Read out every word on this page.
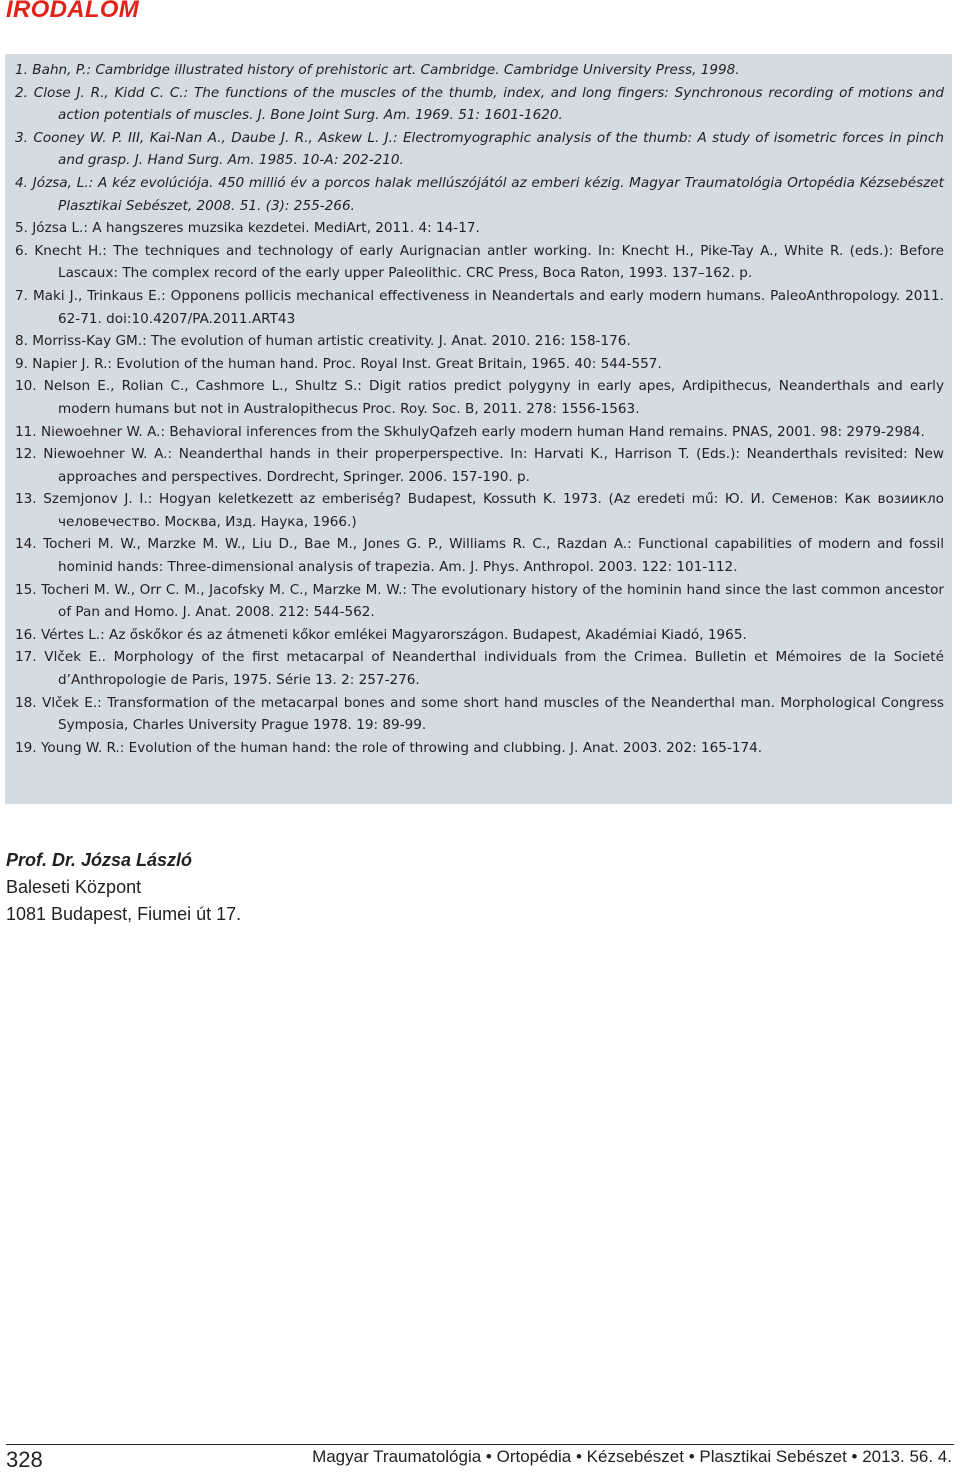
IRODALOM

1. Bahn, P.: Cambridge illustrated history of prehistoric art. Cambridge. Cambridge University Press, 1998.

2. Close J. R., Kidd C. C.: The functions of the muscles of the thumb, index, and long fingers: Synchronous recording of motions and action potentials of muscles. J. Bone Joint Surg. Am. 1969. 51: 1601-1620.

3. Cooney W. P. III, Kai-Nan A., Daube J. R., Askew L. J.: Electromyographic analysis of the thumb: A study of isometric forces in pinch and grasp. J. Hand Surg. Am. 1985. 10-A: 202-210.

4. Józsa, L.: A kéz evolúciója. 450 millió év a porcos halak mellúszójától az emberi kézig. Magyar Traumatológia Ortopédia Kézsebészet Plasztikai Sebészet, 2008. 51. (3): 255-266.

5. Józsa L.: A hangszeres muzsika kezdetei. MediArt, 2011. 4: 14-17.

6. Knecht H.: The techniques and technology of early Aurignacian antler working. In: Knecht H., Pike-Tay A., White R. (eds.): Before Lascaux: The complex record of the early upper Paleolithic. CRC Press, Boca Raton, 1993. 137–162. p.

7. Maki J., Trinkaus E.: Opponens pollicis mechanical effectiveness in Neandertals and early modern humans. PaleoAnthropology. 2011. 62-71. doi:10.4207/PA.2011.ART43

8. Morriss-Kay GM.: The evolution of human artistic creativity. J. Anat. 2010. 216: 158-176.

9. Napier J. R.: Evolution of the human hand. Proc. Royal Inst. Great Britain, 1965. 40: 544-557.

10. Nelson E., Rolian C., Cashmore L., Shultz S.: Digit ratios predict polygyny in early apes, Ardipithecus, Neanderthals and early modern humans but not in Australopithecus Proc. Roy. Soc. B, 2011. 278: 1556-1563.

11. Niewoehner W. A.: Behavioral inferences from the SkhulyQafzeh early modern human Hand remains. PNAS, 2001. 98: 2979-2984.

12. Niewoehner W. A.: Neanderthal hands in their properperspective. In: Harvati K., Harrison T. (Eds.): Neanderthals revisited: New approaches and perspectives. Dordrecht, Springer. 2006. 157-190. p.

13. Szemjonov J. I.: Hogyan keletkezett az emberiség? Budapest, Kossuth K. 1973. (Az eredeti mű: Ю. И. Семенов: Как возиикло человечество. Москва, Изд. Наука, 1966.)

14. Tocheri M. W., Marzke M. W., Liu D., Bae M., Jones G. P., Williams R. C., Razdan A.: Functional capabilities of modern and fossil hominid hands: Three-dimensional analysis of trapezia. Am. J. Phys. Anthropol. 2003. 122: 101-112.

15. Tocheri M. W., Orr C. M., Jacofsky M. C., Marzke M. W.: The evolutionary history of the hominin hand since the last common ancestor of Pan and Homo. J. Anat. 2008. 212: 544-562.

16. Vértes L.: Az őskőkor és az átmeneti kőkor emlékei Magyarországon. Budapest, Akadémiai Kiadó, 1965.

17. Vlček E.. Morphology of the first metacarpal of Neanderthal individuals from the Crimea. Bulletin et Mémoires de la Societé d’Anthropologie de Paris, 1975. Série 13. 2: 257-276.

18. Vlček E.: Transformation of the metacarpal bones and some short hand muscles of the Neanderthal man. Morphological Congress Symposia, Charles University Prague 1978. 19: 89-99.

19. Young W. R.: Evolution of the human hand: the role of throwing and clubbing. J. Anat. 2003. 202: 165-174.

Prof. Dr. Józsa László
Baleseti Központ
1081 Budapest, Fiumei út 17.
328	Magyar Traumatológia • Ortopédia • Kézsebészet • Plasztikai Sebészet • 2013. 56. 4.
